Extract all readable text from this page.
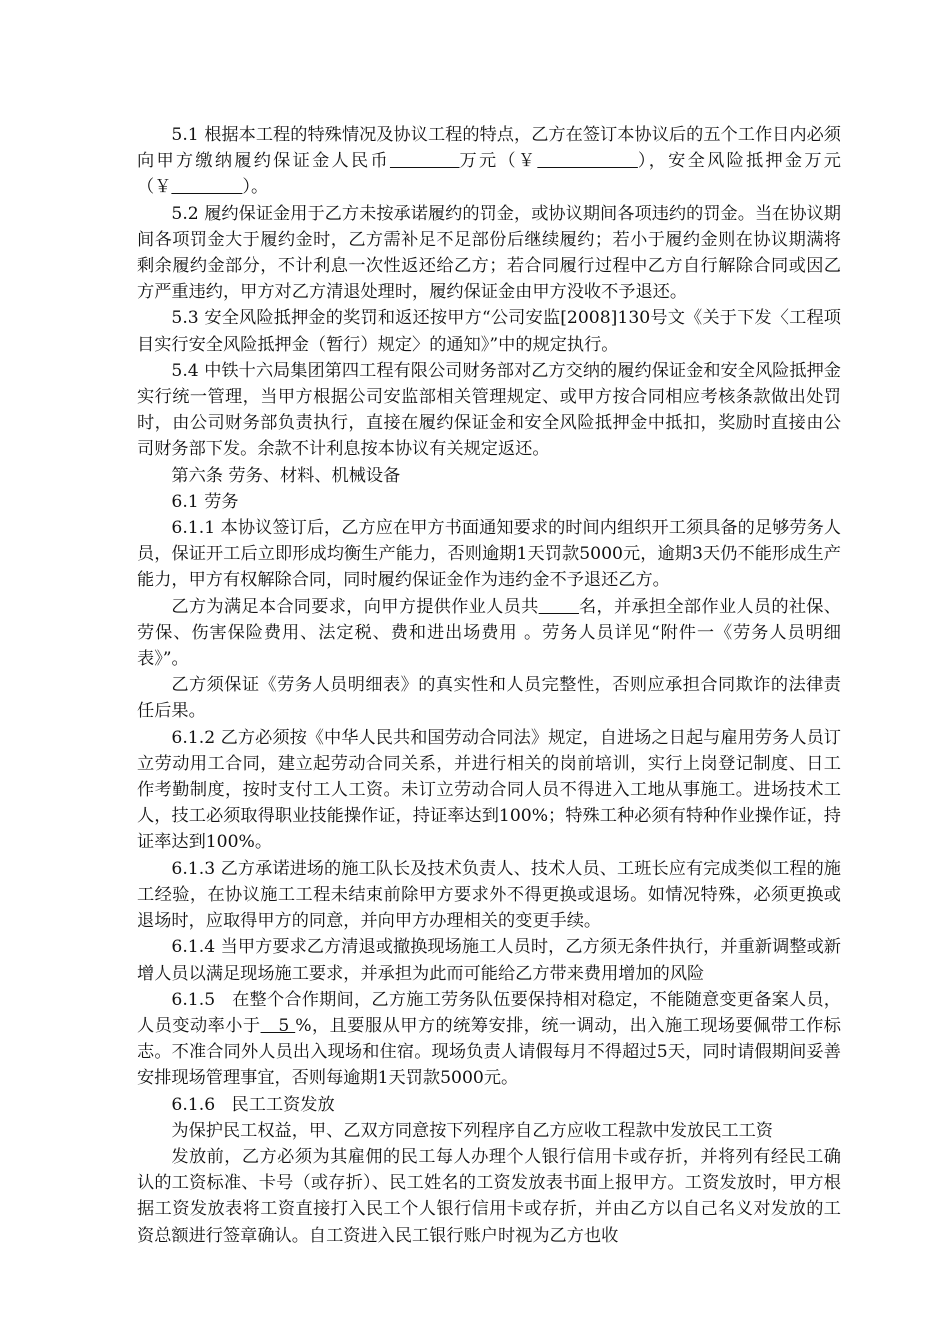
5.1 根据本工程的特殊情况及协议工程的特点，乙方在签订本协议后的五个工作日内必须向甲方缴纳履约保证金人民币	万元（￥	），安全风险抵押金万元（￥	）。

5.2 履约保证金用于乙方未按承诺履约的罚金，或协议期间各项违约的罚金。当在协议期间各项罚金大于履约金时，乙方需补足不足部份后继续履约；若小于履约金则在协议期满将剩余履约金部分，不计利息一次性返还给乙方；若合同履行过程中乙方自行解除合同或因乙方严重违约，甲方对乙方清退处理时，履约保证金由甲方没收不予退还。

5.3 安全风险抵押金的奖罚和返还按甲方“公司安监[2008]130号文《关于下发〈工程项目实行安全风险抵押金（暂行）规定〉的通知》”中的规定执行。

5.4 中铁十六局集团第四工程有限公司财务部对乙方交纳的履约保证金和安全风险抵押金实行统一管理，当甲方根据公司安监部相关管理规定、或甲方按合同相应考核条款做出处罚时，由公司财务部负责执行，直接在履约保证金和安全风险抵押金中抵扣，奖励时直接由公司财务部下发。余款不计利息按本协议有关规定返还。

第六条 劳务、材料、机械设备

6.1 劳务

6.1.1 本协议签订后，乙方应在甲方书面通知要求的时间内组织开工须具备的足够劳务人员，保证开工后立即形成均衡生产能力，否则逾期1天罚款5000元，逾期3天仍不能形成生产能力，甲方有权解除合同，同时履约保证金作为违约金不予退还乙方。

乙方为满足本合同要求，向甲方提供作业人员共 名，并承担全部作业人员的社保、劳保、伤害保险费用、法定税、费和进出场费用 。劳务人员详见“附件一《劳务人员明细表》”。

乙方须保证《劳务人员明细表》的真实性和人员完整性，否则应承担合同欺诈的法律责任后果。

6.1.2 乙方必须按《中华人民共和国劳动合同法》规定，自进场之日起与雇用劳务人员订立劳动用工合同，建立起劳动合同关系，并进行相关的岗前培训，实行上岗登记制度、日工作考勤制度，按时支付工人工资。未订立劳动合同人员不得进入工地从事施工。进场技术工人，技工必须取得职业技能操作证，持证率达到100%；特殊工种必须有特种作业操作证，持证率达到100%。

6.1.3 乙方承诺进场的施工队长及技术负责人、技术人员、工班长应有完成类似工程的施工经验，在协议施工工程未结束前除甲方要求外不得更换或退场。如情况特殊，必须更换或退场时，应取得甲方的同意，并向甲方办理相关的变更手续。

6.1.4 当甲方要求乙方清退或撤换现场施工人员时，乙方须无条件执行，并重新调整或新增人员以满足现场施工要求，并承担为此而可能给乙方带来费用增加的风险

6.1.5   在整个合作期间，乙方施工劳务队伍要保持相对稳定，不能随意变更备案人员，人员变动率小于   5 %，且要服从甲方的统筹安排，统一调动，出入施工现场要佩带工作标志。不准合同外人员出入现场和住宿。现场负责人请假每月不得超过5天，同时请假期间妥善安排现场管理事宜，否则每逾期1天罚款5000元。

6.1.6   民工工资发放

为保护民工权益，甲、乙双方同意按下列程序自乙方应收工程款中发放民工工资

发放前，乙方必须为其雇佣的民工每人办理个人银行信用卡或存折，并将列有经民工确认的工资标准、卡号（或存折）、民工姓名的工资发放表书面上报甲方。工资发放时，甲方根据工资发放表将工资直接打入民工个人银行信用卡或存折，并由乙方以自己名义对发放的工资总额进行签章确认。自工资进入民工银行账户时视为乙方也收
